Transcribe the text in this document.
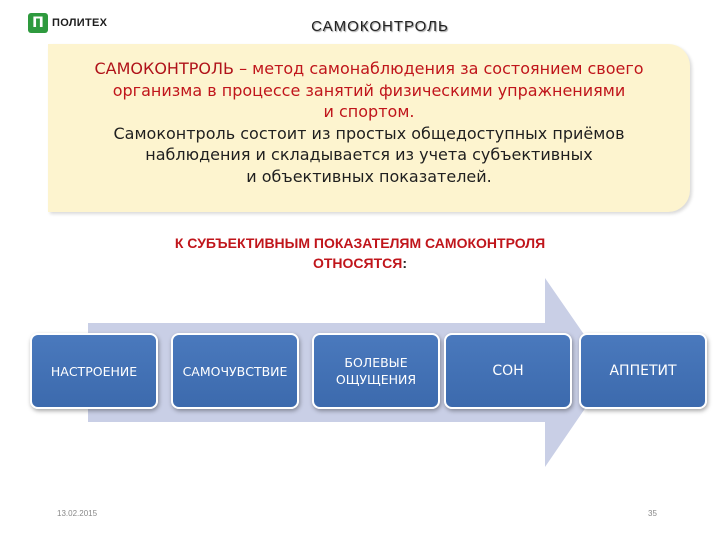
П ПОЛИТЕХ	САМОКОНТРОЛЬ
САМОКОНТРОЛЬ – метод самонаблюдения за состоянием своего
организма в процессе занятий физическими упражнениями
и спортом.
Самоконтроль состоит из простых общедоступных приёмов
наблюдения и складывается из учета субъективных
и объективных показателей.
К СУБЪЕКТИВНЫМ ПОКАЗАТЕЛЯМ САМОКОНТРОЛЯ
ОТНОСЯТСЯ:
НАСТРОЕНИЕ	САМОЧУВСТВИЕ
БОЛЕВЫЕ
ОЩУЩЕНИЯ
СОН	АППЕТИТ
13.02.2015	35
